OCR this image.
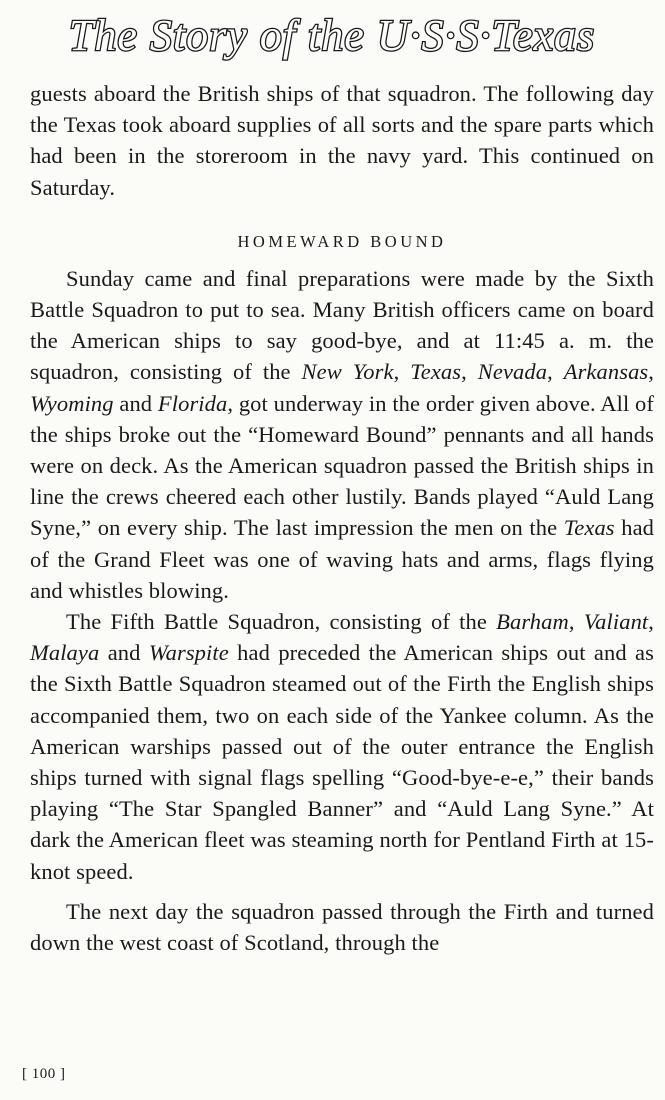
The Story of the U·S·S·Texas

guests aboard the British ships of that squadron. The following day the Texas took aboard supplies of all sorts and the spare parts which had been in the storeroom in the navy yard. This continued on Saturday.

HOMEWARD BOUND

Sunday came and final preparations were made by the Sixth Battle Squadron to put to sea. Many British officers came on board the American ships to say good-bye, and at 11:45 a. m. the squadron, consisting of the New York, Texas, Nevada, Arkansas, Wyoming and Florida, got underway in the order given above. All of the ships broke out the “Homeward Bound” pennants and all hands were on deck. As the American squadron passed the British ships in line the crews cheered each other lustily. Bands played “Auld Lang Syne,” on every ship. The last impression the men on the Texas had of the Grand Fleet was one of waving hats and arms, flags flying and whistles blowing.

The Fifth Battle Squadron, consisting of the Barham, Valiant, Malaya and Warspite had preceded the American ships out and as the Sixth Battle Squadron steamed out of the Firth the English ships accompanied them, two on each side of the Yankee column. As the American warships passed out of the outer entrance the English ships turned with signal flags spelling “Good-bye-e-e,” their bands playing “The Star Spangled Banner” and “Auld Lang Syne.” At dark the American fleet was steaming north for Pentland Firth at 15-knot speed.

The next day the squadron passed through the Firth and turned down the west coast of Scotland, through the

[ 100 ]
